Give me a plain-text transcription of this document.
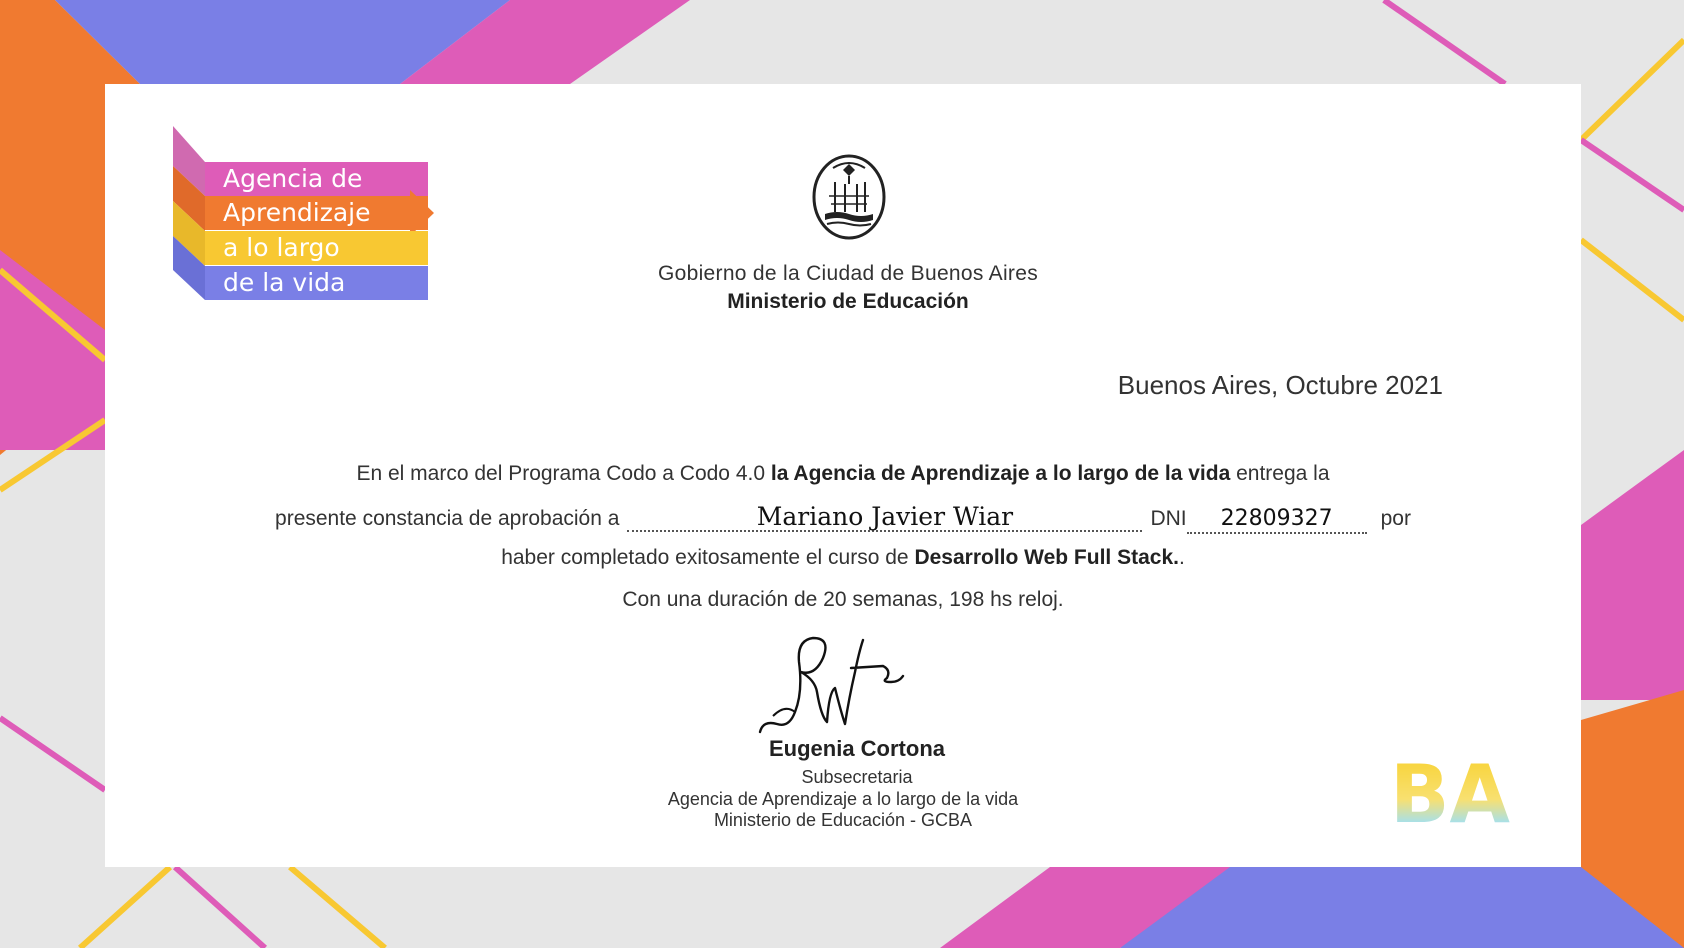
Agencia de
Aprendizaje
a lo largo
de la vida	Gobierno de la Ciudad de Buenos Aires
Ministerio de Educación
Buenos Aires, Octubre 2021
En el marco del Programa Codo a Codo 4.0 la Agencia de Aprendizaje a lo largo de la vida entrega la
presente constancia de aprobación a	Mariano Javier Wiar	DNI 22809327 por
haber completado exitosamente el curso de Desarrollo Web Full Stack..
Con una duración de 20 semanas, 198 hs reloj.
Eugenia Cortona
Subsecretaria
Agencia de Aprendizaje a lo largo de la vida
Ministerio de Educación - GCBA	BA
